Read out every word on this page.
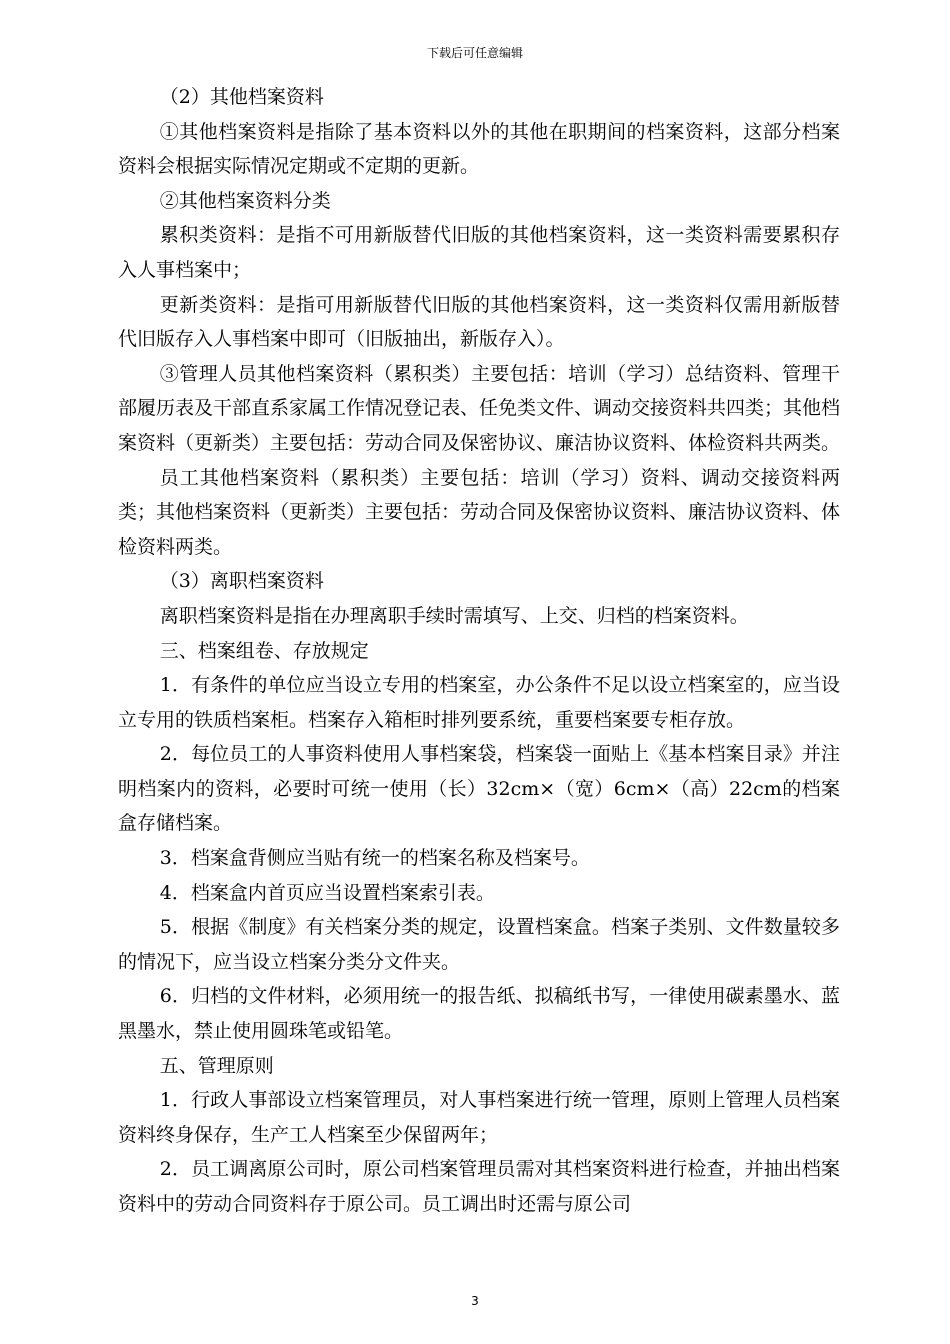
下载后可任意编辑

（2）其他档案资料

①其他档案资料是指除了基本资料以外的其他在职期间的档案资料，这部分档案资料会根据实际情况定期或不定期的更新。

②其他档案资料分类

累积类资料：是指不可用新版替代旧版的其他档案资料，这一类资料需要累积存入人事档案中；

更新类资料：是指可用新版替代旧版的其他档案资料，这一类资料仅需用新版替代旧版存入人事档案中即可（旧版抽出，新版存入）。

③管理人员其他档案资料（累积类）主要包括：培训（学习）总结资料、管理干部履历表及干部直系家属工作情况登记表、任免类文件、调动交接资料共四类；其他档案资料（更新类）主要包括：劳动合同及保密协议、廉洁协议资料、体检资料共两类。

员工其他档案资料（累积类）主要包括：培训（学习）资料、调动交接资料两类；其他档案资料（更新类）主要包括：劳动合同及保密协议资料、廉洁协议资料、体检资料两类。

（3）离职档案资料

离职档案资料是指在办理离职手续时需填写、上交、归档的档案资料。

三、档案组卷、存放规定

1．有条件的单位应当设立专用的档案室，办公条件不足以设立档案室的，应当设立专用的铁质档案柜。档案存入箱柜时排列要系统，重要档案要专柜存放。

2．每位员工的人事资料使用人事档案袋，档案袋一面贴上《基本档案目录》并注明档案内的资料，必要时可统一使用（长）32cm×（宽）6cm×（高）22cm的档案盒存储档案。

3．档案盒背侧应当贴有统一的档案名称及档案号。

4．档案盒内首页应当设置档案索引表。

5．根据《制度》有关档案分类的规定，设置档案盒。档案子类别、文件数量较多的情况下，应当设立档案分类分文件夹。

6．归档的文件材料，必须用统一的报告纸、拟稿纸书写，一律使用碳素墨水、蓝黑墨水，禁止使用圆珠笔或铅笔。

五、管理原则

1．行政人事部设立档案管理员，对人事档案进行统一管理，原则上管理人员档案资料终身保存，生产工人档案至少保留两年；

2．员工调离原公司时，原公司档案管理员需对其档案资料进行检查，并抽出档案资料中的劳动合同资料存于原公司。员工调出时还需与原公司

3
